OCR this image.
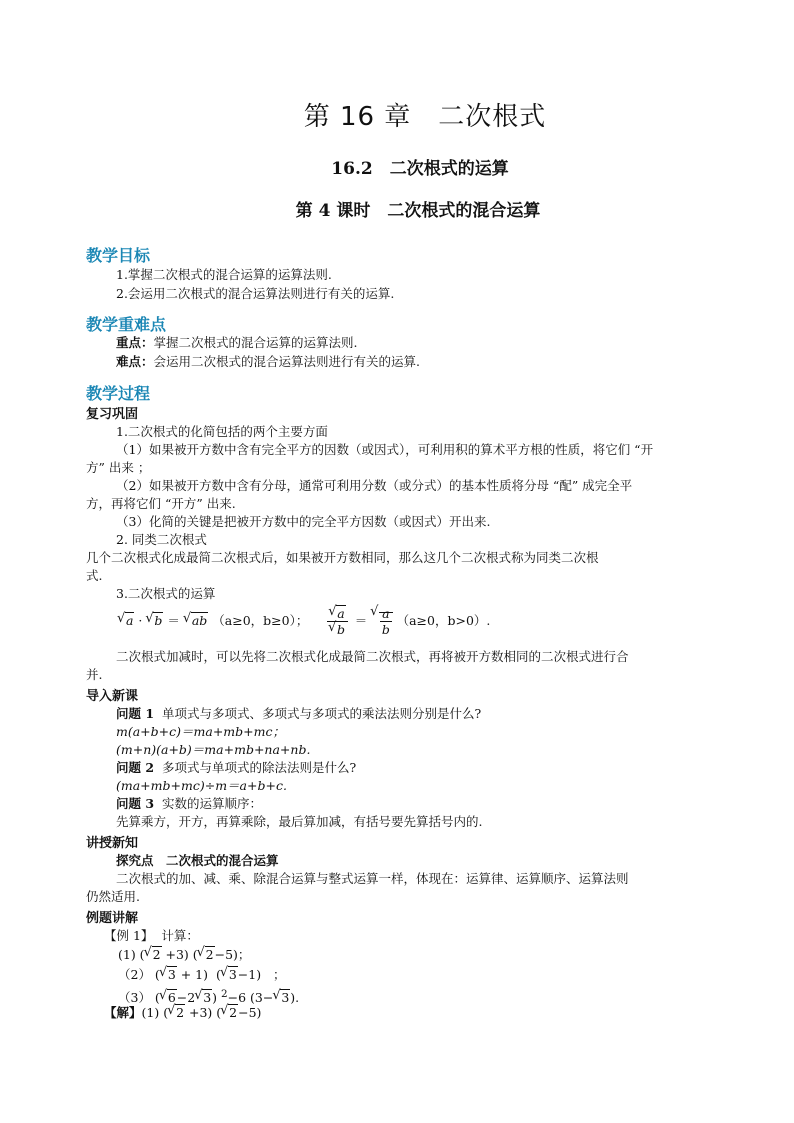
第 16 章　二次根式
16.2　二次根式的运算
第 4 课时　二次根式的混合运算
教学目标
1.掌握二次根式的混合运算的运算法则.
2.会运用二次根式的混合运算法则进行有关的运算.
教学重难点
重点：掌握二次根式的混合运算的运算法则.
难点：会运用二次根式的混合运算法则进行有关的运算.
教学过程
复习巩固
1.二次根式的化简包括的两个主要方面
（1）如果被开方数中含有完全平方的因数（或因式），可利用积的算术平方根的性质，将它们 “开
方” 出来 ；
（2）如果被开方数中含有分母，通常可利用分数（或分式）的基本性质将分母 “配” 成完全平
方，再将它们 “开方” 出来.
（3）化简的关键是把被开方数中的完全平方因数（或因式）开出来.
2. 同类二次根式
几个二次根式化成最简二次根式后，如果被开方数相同，那么这几个二次根式称为同类二次根
式.
3.二次根式的运算
√ a · √ b ＝ √ ab （a≥0，b≥0）； √ a
√ b ＝ √ $\frac{a}{b} (a\ge 0$，b>0）.
二次根式加减时，可以先将二次根式化成最简二次根式，再将被开方数相同的二次根式进行合
并.
导入新课
问题 1 单项式与多项式、多项式与多项式的乘法法则分别是什么?
m(a+b+c)＝ma+mb+mc；
(m+n)(a+b)＝ma+mb+na+nb.
问题 2 多项式与单项式的除法法则是什么?
(ma+mb+mc)÷m＝a+b+c.
问题 3 实数的运算顺序：
先算乘方，开方，再算乘除，最后算加减，有括号要先算括号内的.
讲授新知
探究点　二次根式的混合运算
二次根式的加、减、乘、除混合运算与整式运算一样，体现在：运算律、运算顺序、运算法则
仍然适用.
例题讲解
【例 1】 计算：
(1) ( √ 2 +3) ( √ 2−5)；
（2） ( √ 3 + 1)  ( √ 3−1)   ；
（3） ( √ 6−2 √ 3) $^2$−6 (3− √ 3).
【解】(1) ( √ 2 +3) ( √ 2−5)
